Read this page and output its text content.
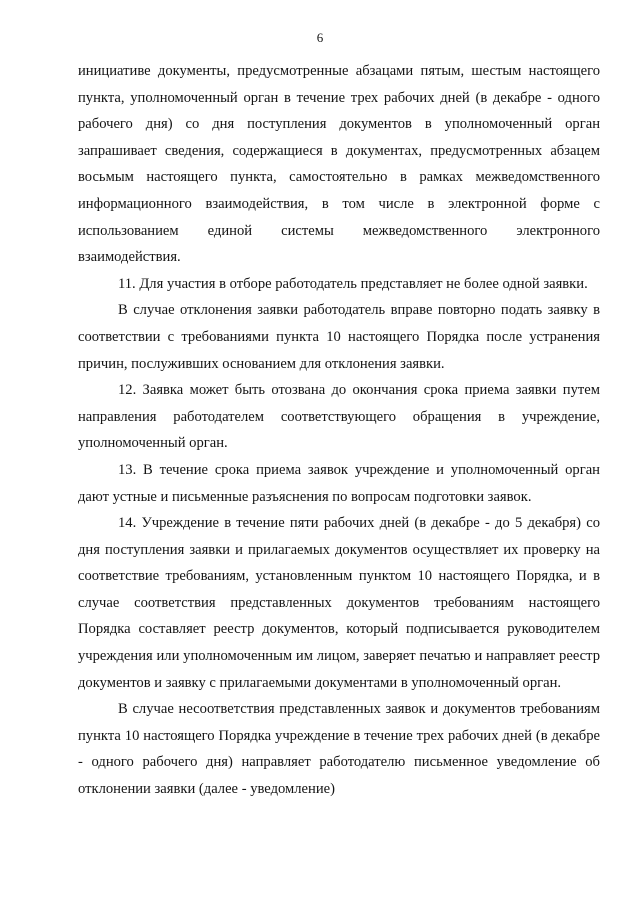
6

инициативе документы, предусмотренные абзацами пятым, шестым настоящего пункта, уполномоченный орган в течение трех рабочих дней (в декабре - одного рабочего дня) со дня поступления документов в уполномоченный орган запрашивает сведения, содержащиеся в документах, предусмотренных абзацем восьмым настоящего пункта, самостоятельно в рамках межведомственного информационного взаимодействия, в том числе в электронной форме с использованием единой системы межведомственного электронного взаимодействия.

11. Для участия в отборе работодатель представляет не более одной заявки.

В случае отклонения заявки работодатель вправе повторно подать заявку в соответствии с требованиями пункта 10 настоящего Порядка после устранения причин, послуживших основанием для отклонения заявки.

12. Заявка может быть отозвана до окончания срока приема заявки путем направления работодателем соответствующего обращения в учреждение, уполномоченный орган.

13. В течение срока приема заявок учреждение и уполномоченный орган дают устные и письменные разъяснения по вопросам подготовки заявок.

14. Учреждение в течение пяти рабочих дней (в декабре - до 5 декабря) со дня поступления заявки и прилагаемых документов осуществляет их проверку на соответствие требованиям, установленным пунктом 10 настоящего Порядка, и в случае соответствия представленных документов требованиям настоящего Порядка составляет реестр документов, который подписывается руководителем учреждения или уполномоченным им лицом, заверяет печатью и направляет реестр документов и заявку с прилагаемыми документами в уполномоченный орган.

В случае несоответствия представленных заявок и документов требованиям пункта 10 настоящего Порядка учреждение в течение трех рабочих дней (в декабре - одного рабочего дня) направляет работодателю письменное уведомление об отклонении заявки (далее - уведомление)
